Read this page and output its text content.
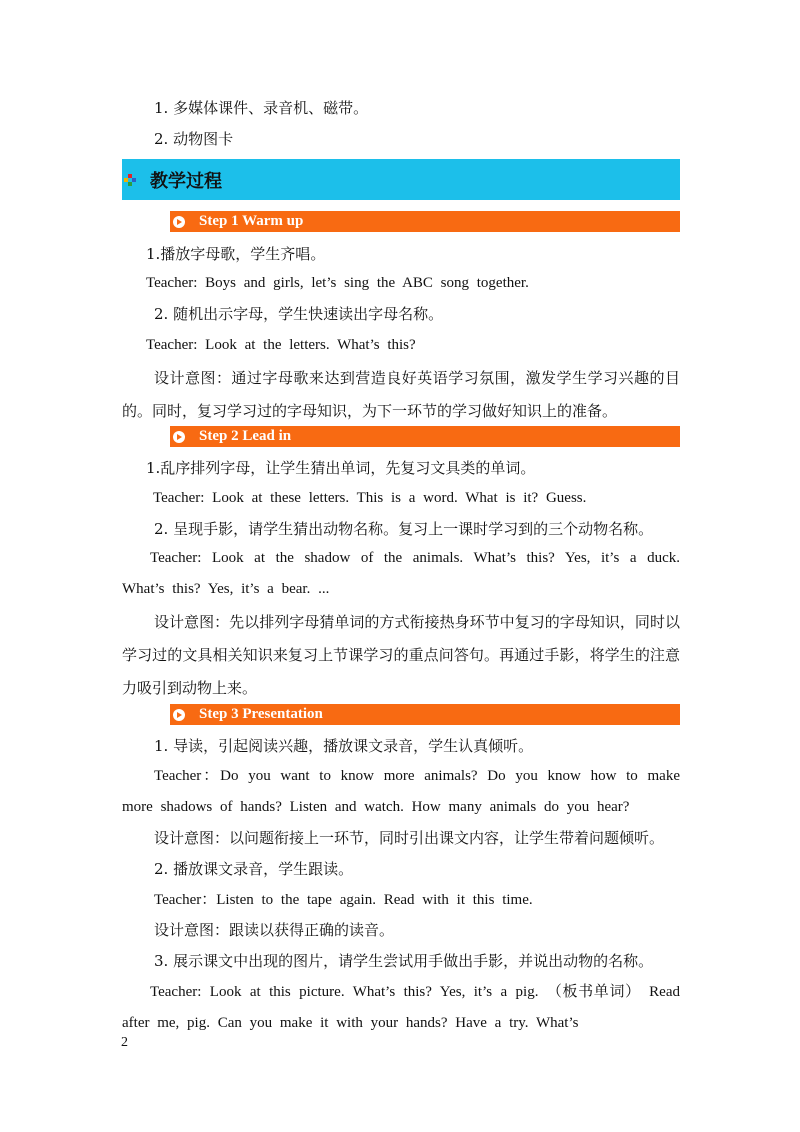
1. 多媒体课件、录音机、磁带。
2. 动物图卡
教学过程
Step 1 Warm up
1.播放字母歌，学生齐唱。
Teacher: Boys and girls, let’s sing the ABC song together.
2. 随机出示字母，学生快速读出字母名称。
Teacher: Look at the letters. What’s this?
设计意图：通过字母歌来达到营造良好英语学习氛围，激发学生学习兴趣的目的。同时，复习学习过的字母知识，为下一环节的学习做好知识上的准备。
Step 2 Lead in
1.乱序排列字母，让学生猜出单词，先复习文具类的单词。
Teacher: Look at these letters. This is a word. What is it? Guess.
2. 呈现手影，请学生猜出动物名称。复习上一课时学习到的三个动物名称。
Teacher: Look at the shadow of the animals. What’s this? Yes, it’s a duck. What’s this? Yes, it’s a bear. ...
设计意图：先以排列字母猜单词的方式衔接热身环节中复习的字母知识，同时以学习过的文具相关知识来复习上节课学习的重点问答句。再通过手影，将学生的注意力吸引到动物上来。
Step 3 Presentation
1. 导读，引起阅读兴趣，播放课文录音，学生认真倾听。
Teacher：Do you want to know more animals? Do you know how to make more shadows of hands? Listen and watch. How many animals do you hear?
设计意图：以问题衔接上一环节，同时引出课文内容，让学生带着问题倾听。
2. 播放课文录音，学生跟读。
Teacher：Listen to the tape again. Read with it this time.
设计意图：跟读以获得正确的读音。
3. 展示课文中出现的图片，请学生尝试用手做出手影，并说出动物的名称。
Teacher: Look at this picture. What’s this? Yes, it’s a pig. （板书单词） Read after me, pig. Can you make it with your hands? Have a try. What’s
2
